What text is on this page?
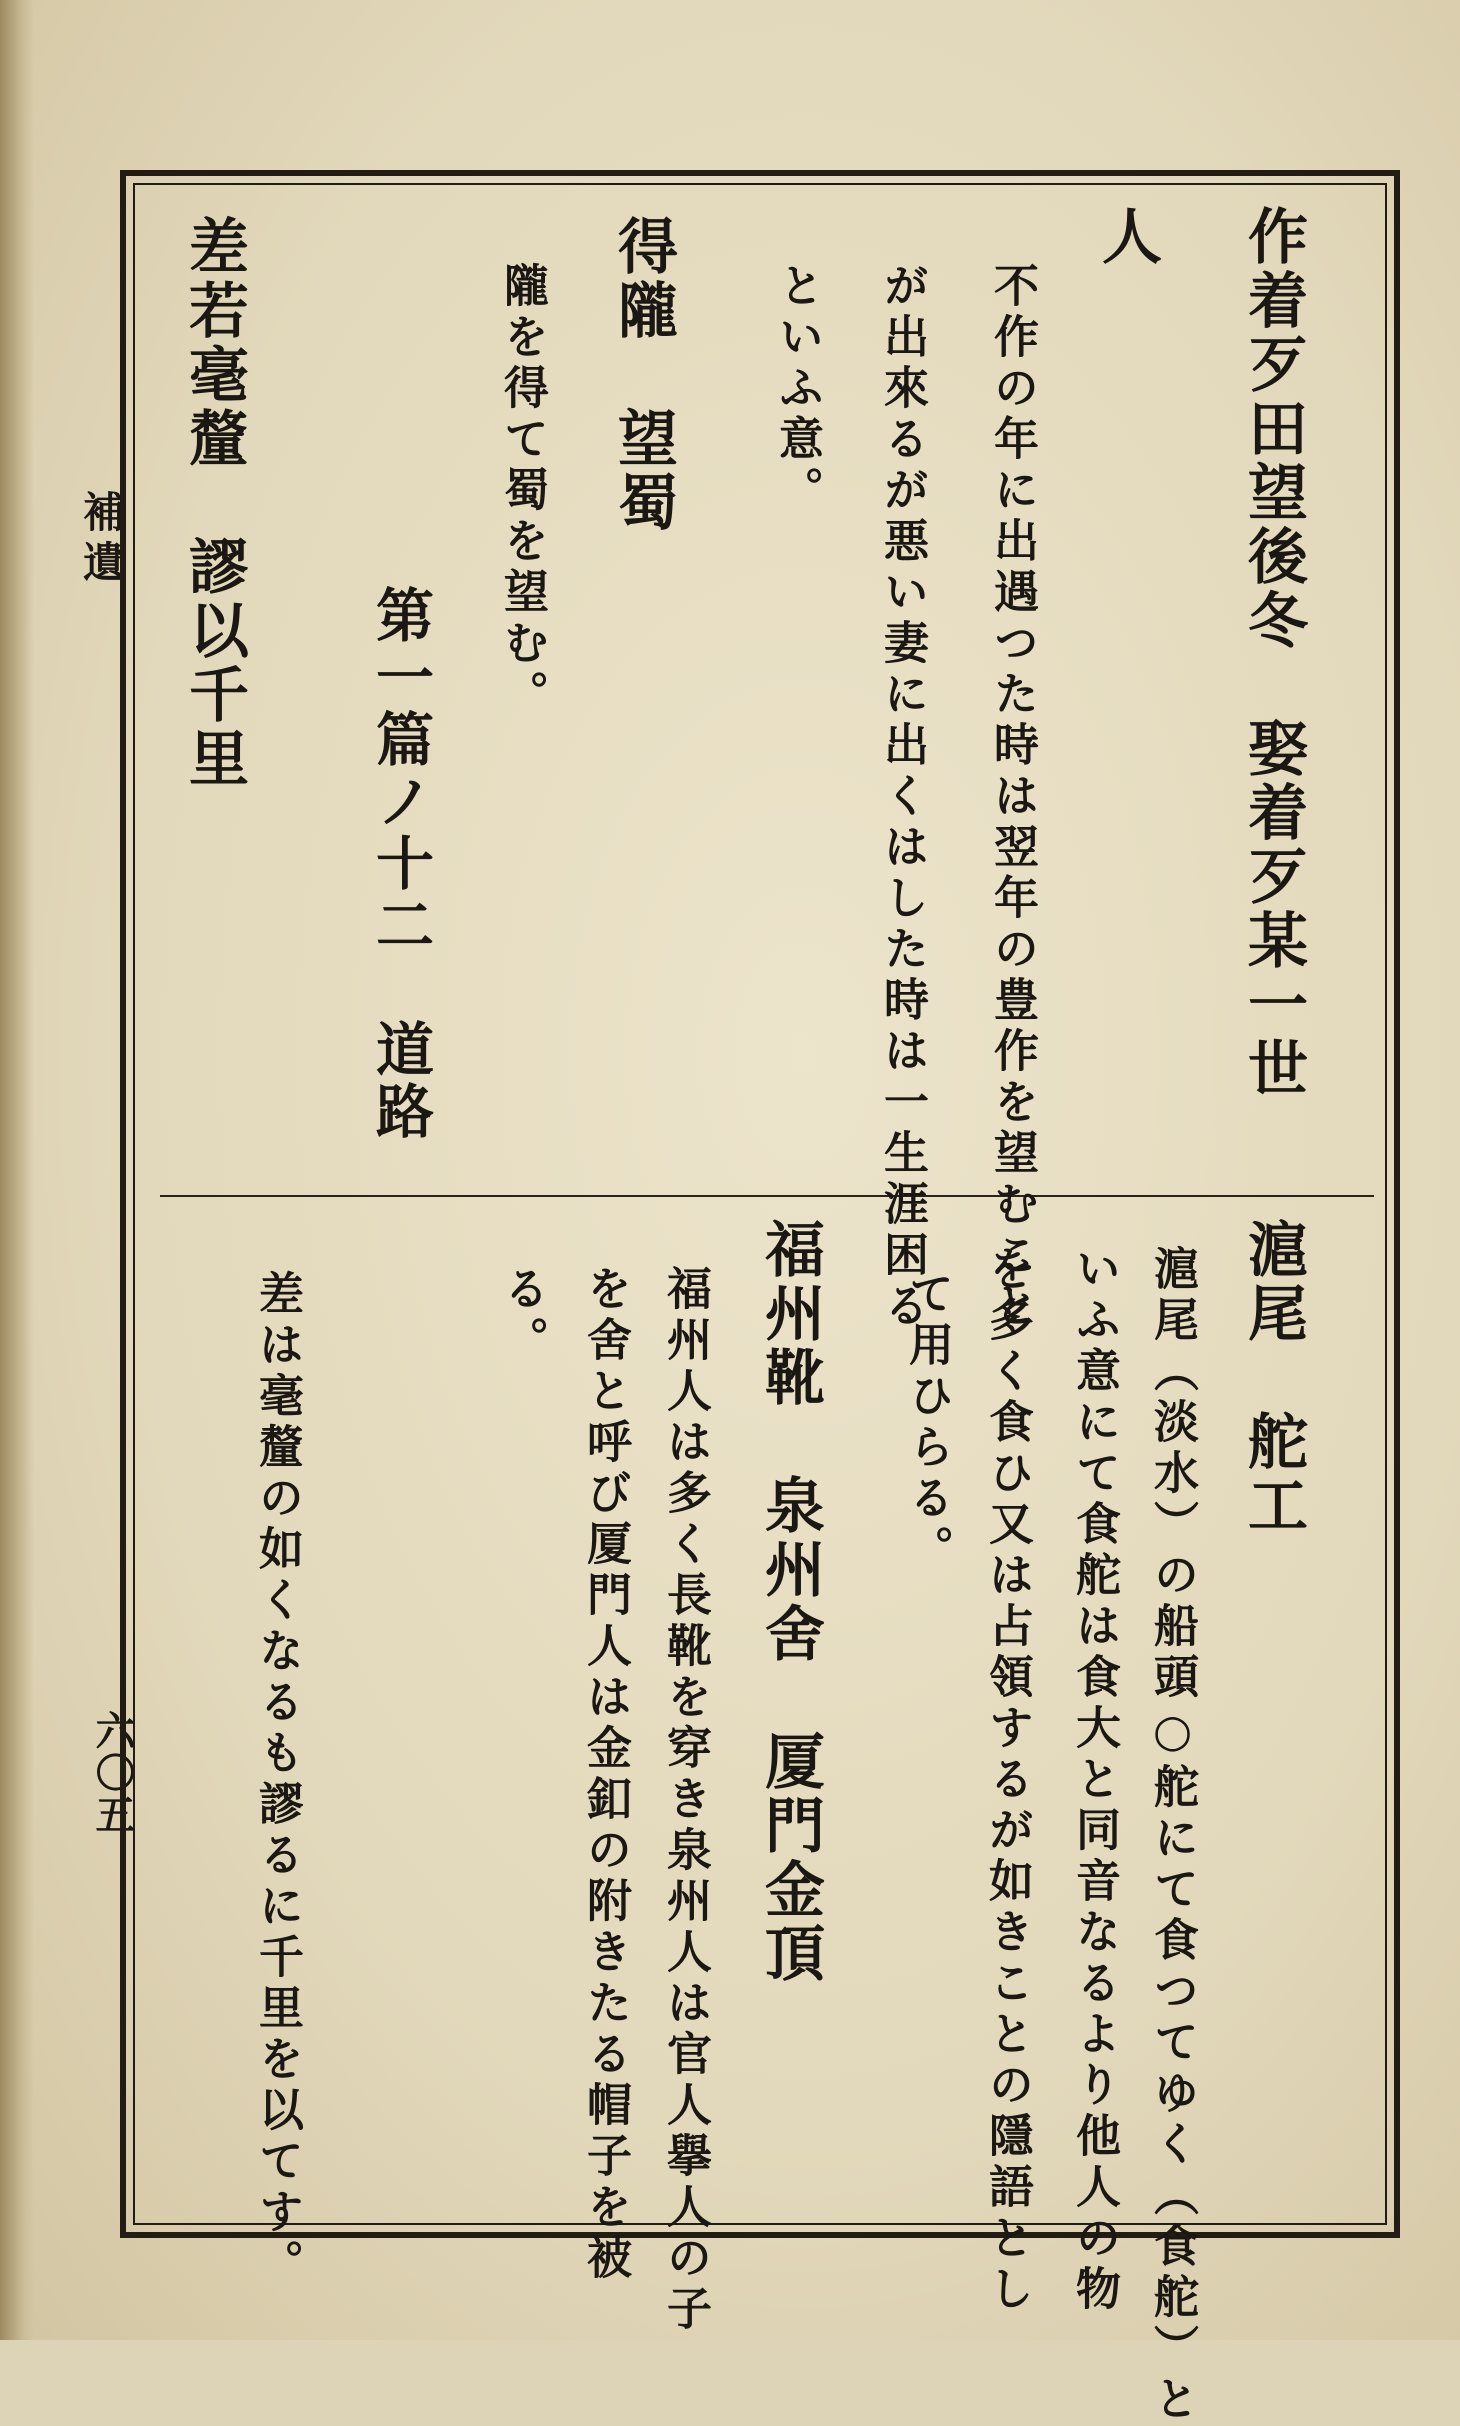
補遺
六〇五
作着歹田望後冬　娶着歹某一世
人
不作の年に出遇つた時は翌年の豊作を望むこと
が出來るが悪い妻に出くはした時は一生涯困る
といふ意。
得隴　望蜀
隴を得て蜀を望む。
第一篇ノ十二　道路
差若毫釐　謬以千里
滬尾　舵工
滬尾（淡水）の船頭○舵にて食つてゆく（食舵）と
いふ意にて食舵は食大と同音なるより他人の物
を多く食ひ又は占領するが如きことの隱語とし
て用ひらる。
福州靴　泉州舍　厦門金頂
福州人は多く長靴を穿き泉州人は官人擧人の子
を舍と呼び厦門人は金釦の附きたる帽子を被
る。
差は毫釐の如くなるも謬るに千里を以てす。
